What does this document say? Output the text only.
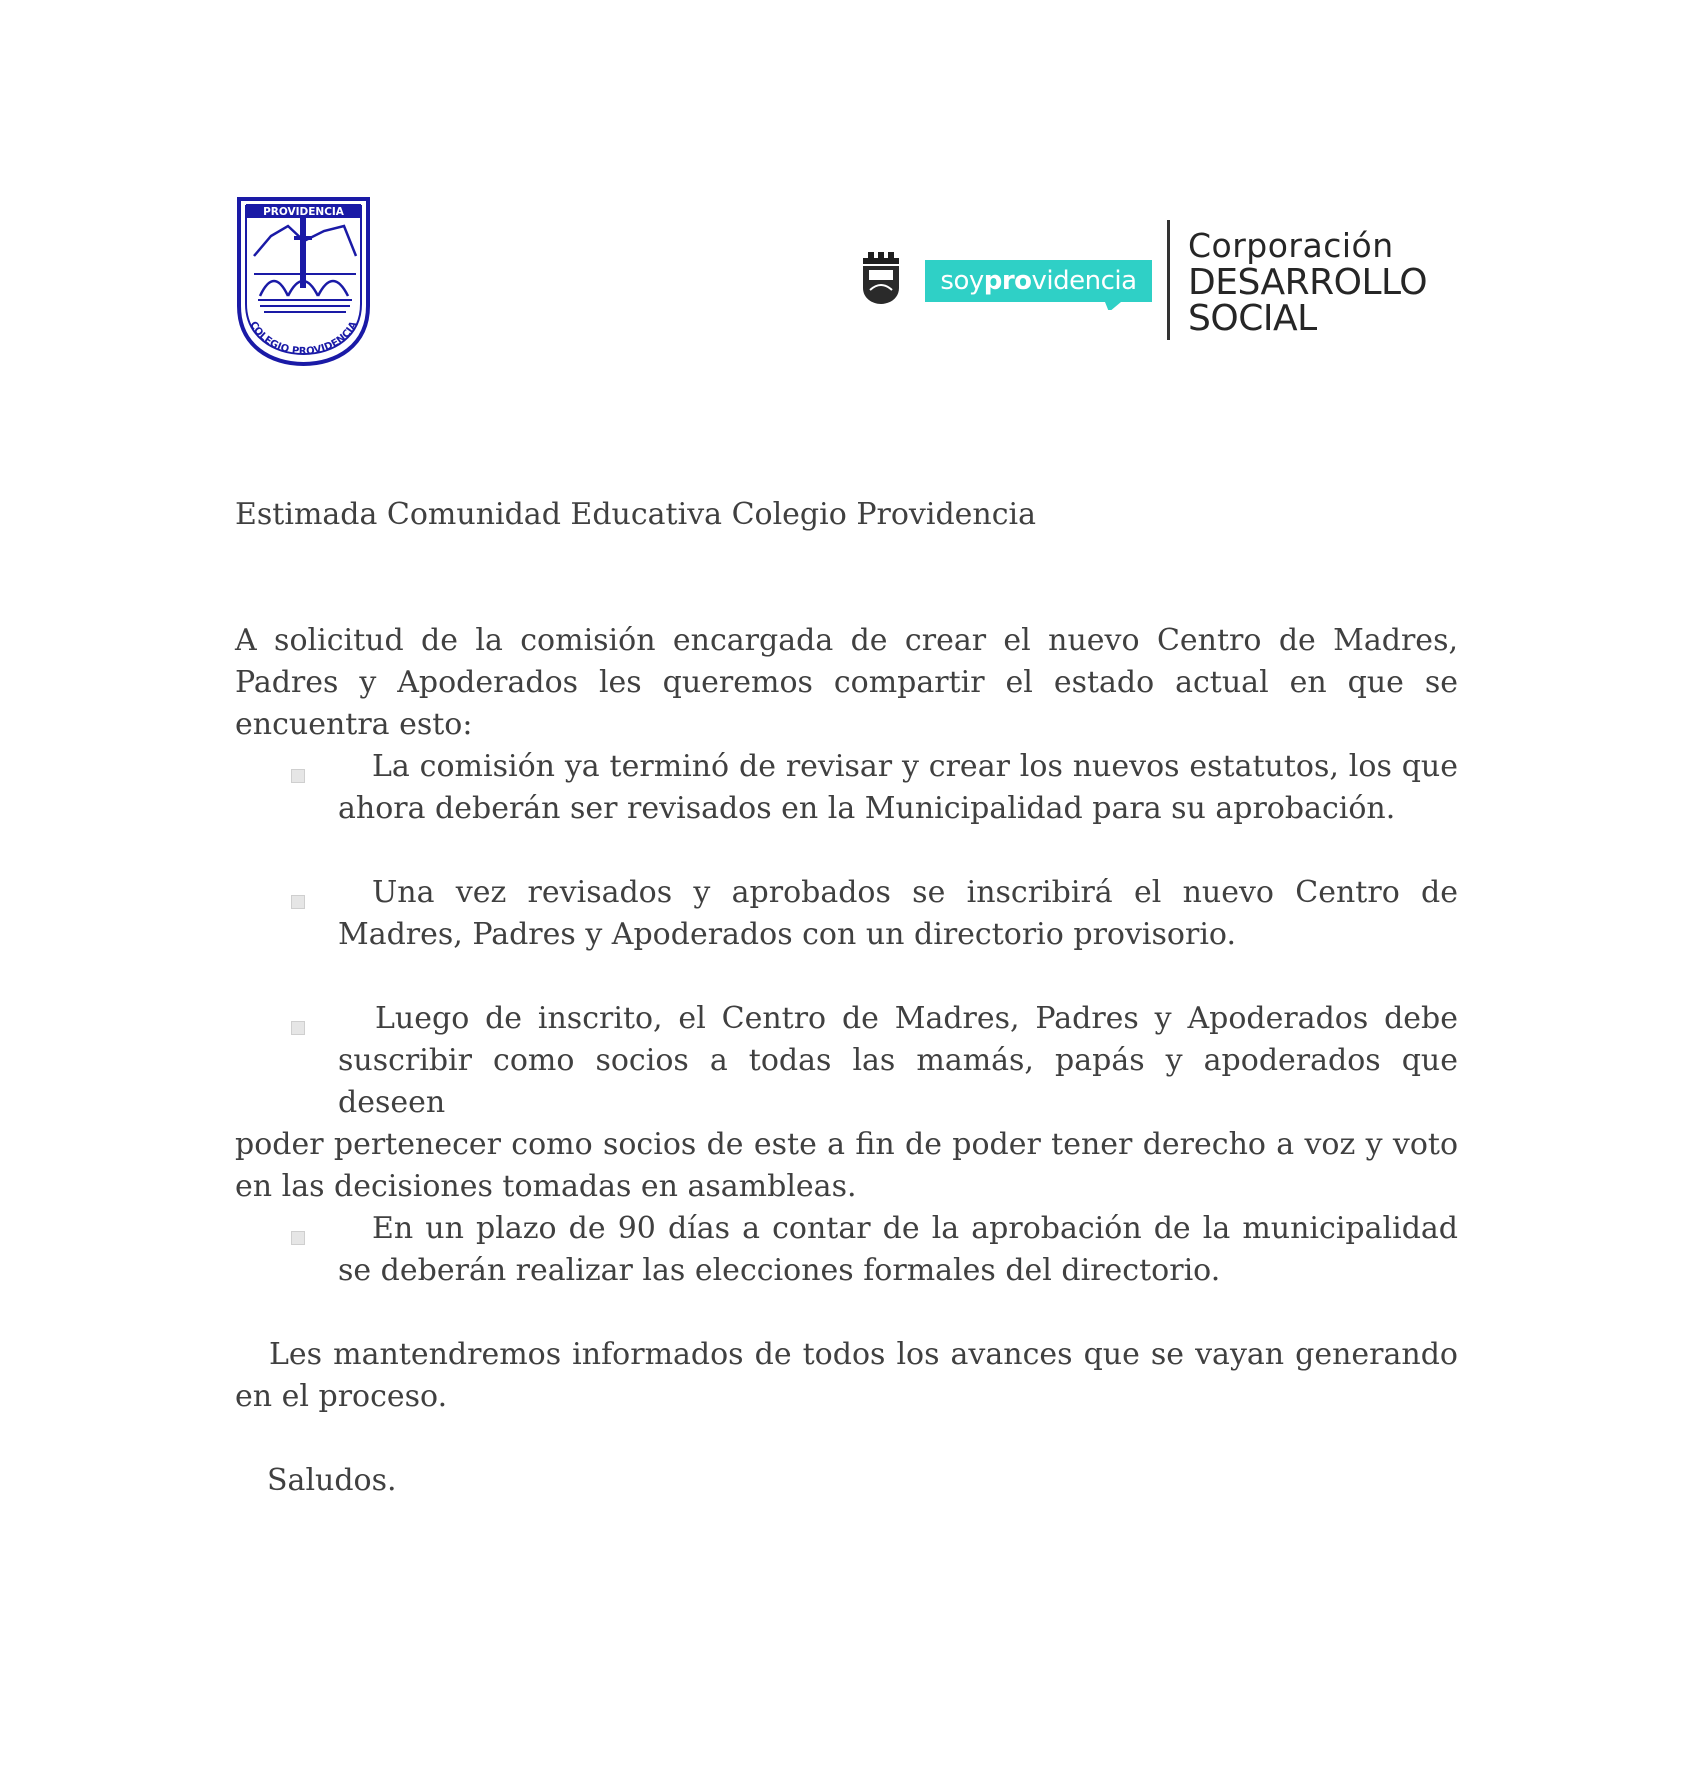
PROVIDENCIA
COLEGIO PROVIDENCIA
soyprovidencia
Corporación
DESARROLLO
SOCIAL

Estimada Comunidad Educativa Colegio Providencia

A solicitud de la comisión encargada de crear el nuevo Centro de Madres, Padres y Apoderados les queremos compartir el estado actual en que se encuentra esto:

La comisión ya terminó de revisar y crear los nuevos estatutos, los que ahora deberán ser revisados en la Municipalidad para su aprobación.

Una vez revisados y aprobados se inscribirá el nuevo Centro de Madres, Padres y Apoderados con un directorio provisorio.

Luego de inscrito, el Centro de Madres, Padres y Apoderados debe
suscribir como socios a todas las mamás, papás y apoderados que deseen
poder pertenecer como socios de este a fin de poder tener derecho a voz y voto en las decisiones tomadas en asambleas.

En un plazo de 90 días a contar de la aprobación de la municipalidad se deberán realizar las elecciones formales del directorio.

Les mantendremos informados de todos los avances que se vayan generando en el proceso.

Saludos.
